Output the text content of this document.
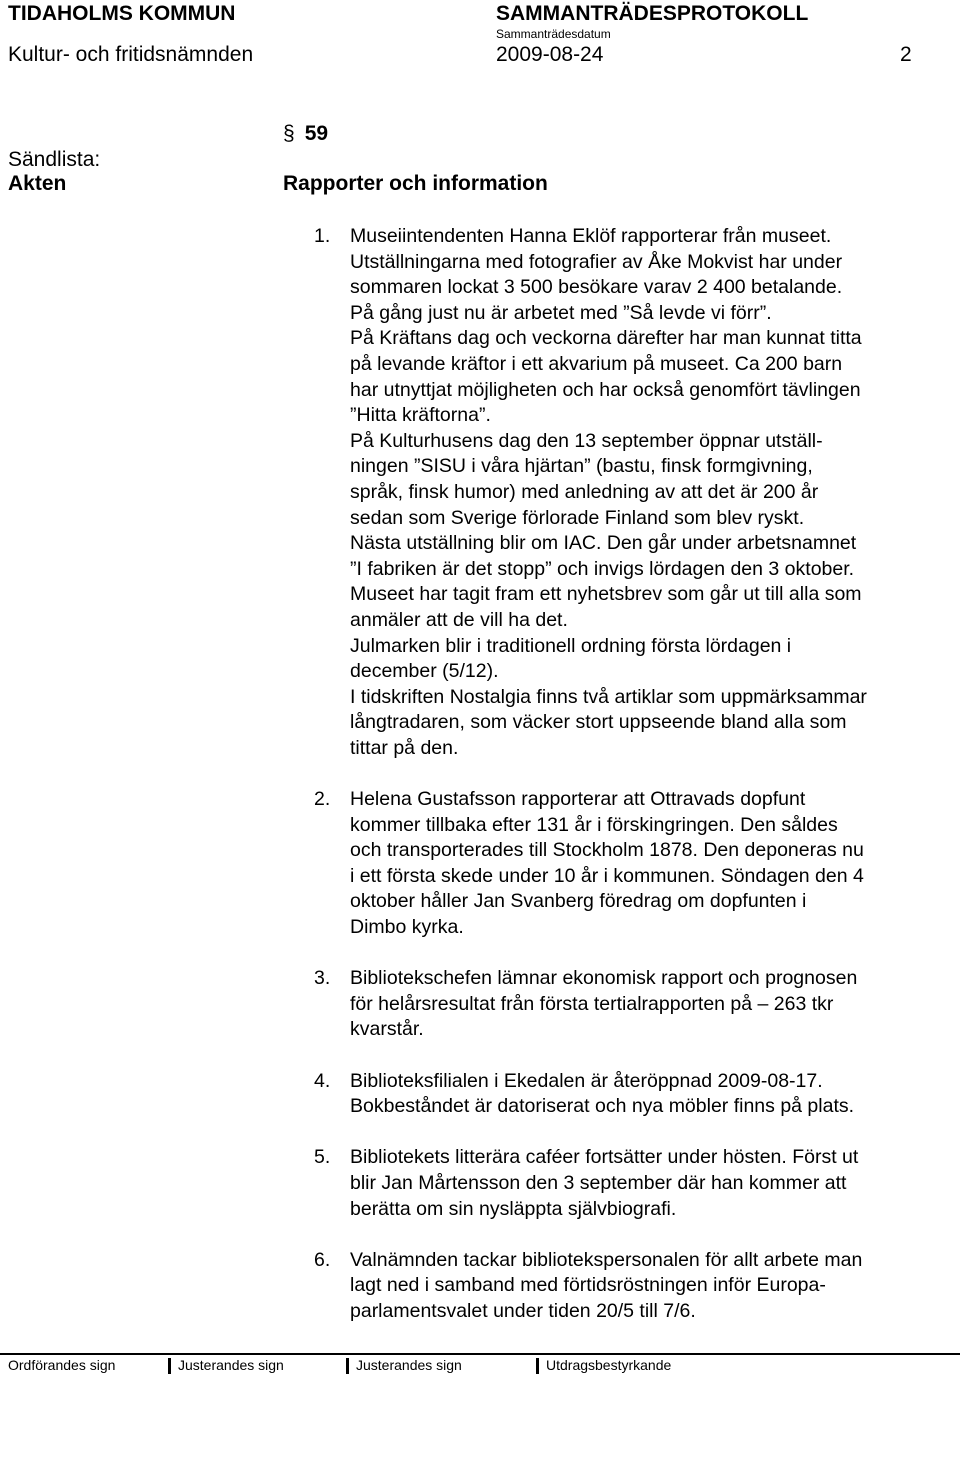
TIDAHOLMS KOMMUN	SAMMANTRÄDESPROTOKOLL
Sammanträdesdatum
Kultur- och fritidsnämnden	2009-08-24	2
Sändlista:
Akten
§ 59
Rapporter och information
1. Museiintendenten Hanna Eklöf rapporterar från museet.
Utställningarna med fotografier av Åke Mokvist har under
sommaren lockat 3 500 besökare varav 2 400 betalande.
På gång just nu är arbetet med ”Så levde vi förr”.
På Kräftans dag och veckorna därefter har man kunnat titta
på levande kräftor i ett akvarium på museet. Ca 200 barn
har utnyttjat möjligheten och har också genomfört tävlingen
”Hitta kräftorna”.
På Kulturhusens dag den 13 september öppnar utställ-
ningen ”SISU i våra hjärtan” (bastu, finsk formgivning,
språk, finsk humor) med anledning av att det är 200 år
sedan som Sverige förlorade Finland som blev ryskt.
Nästa utställning blir om IAC. Den går under arbetsnamnet
”I fabriken är det stopp” och invigs lördagen den 3 oktober.
Museet har tagit fram ett nyhetsbrev som går ut till alla som
anmäler att de vill ha det.
Julmarken blir i traditionell ordning första lördagen i
december (5/12).
I tidskriften Nostalgia finns två artiklar som uppmärksammar
långtradaren, som väcker stort uppseende bland alla som
tittar på den.
2. Helena Gustafsson rapporterar att Ottravads dopfunt
kommer tillbaka efter 131 år i förskingringen. Den såldes
och transporterades till Stockholm 1878. Den deponeras nu
i ett första skede under 10 år i kommunen. Söndagen den 4
oktober håller Jan Svanberg föredrag om dopfunten i
Dimbo kyrka.
3. Bibliotekschefen lämnar ekonomisk rapport och prognosen
för helårsresultat från första tertialrapporten på – 263 tkr
kvarstår.
4. Biblioteksfilialen i Ekedalen är återöppnad 2009-08-17.
Bokbeståndet är datoriserat och nya möbler finns på plats.
5. Bibliotekets litterära caféer fortsätter under hösten. Först ut
blir Jan Mårtensson den 3 september där han kommer att
berätta om sin nysläppta självbiografi.
6. Valnämnden tackar bibliotekspersonalen för allt arbete man
lagt ned i samband med förtidsröstningen inför Europa-
parlamentsvalet under tiden 20/5 till 7/6.
Ordförandes sign	Justerandes sign	Justerandes sign	Utdragsbestyrkande
